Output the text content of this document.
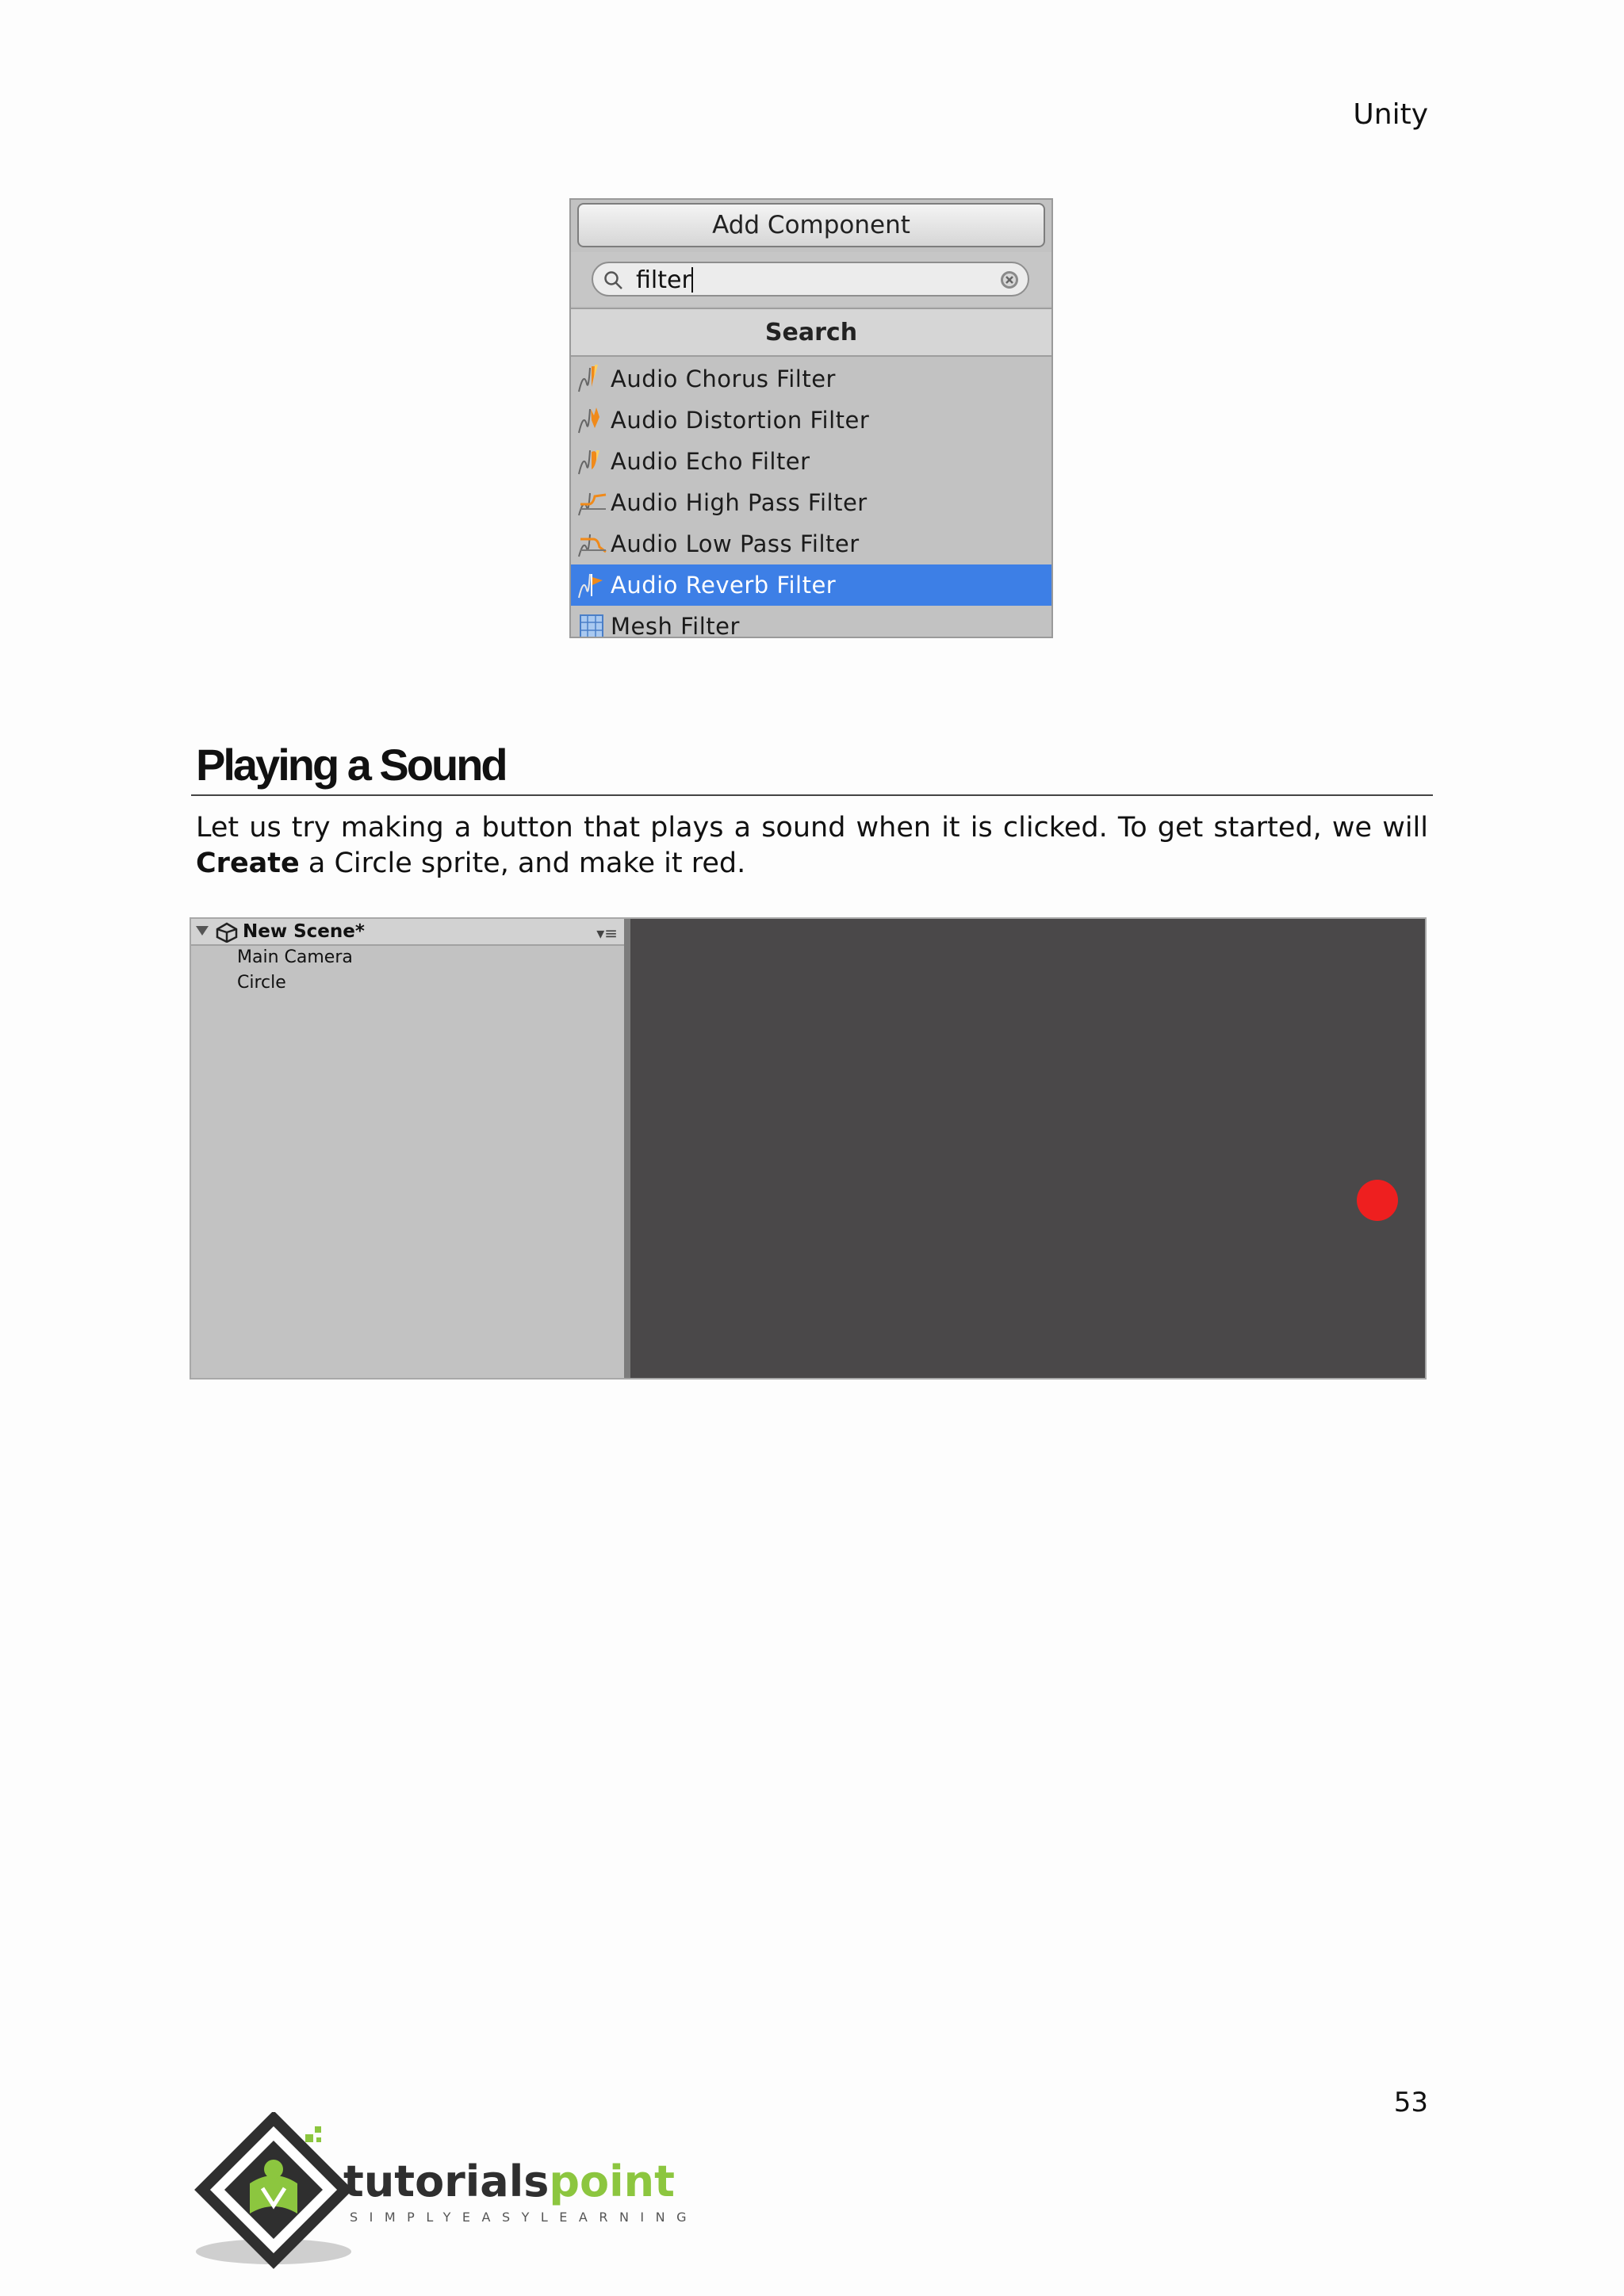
Unity
Add Component
filter
Search
Audio Chorus Filter
Audio Distortion Filter
Audio Echo Filter
Audio High Pass Filter
Audio Low Pass Filter
Audio Reverb Filter
Mesh Filter
Playing a Sound
Let us try making a button that plays a sound when it is clicked. To get started, we will Create a Circle sprite, and make it red.
New Scene*	▾≡
Main Camera
Circle
53
tutorialspoint
SIMPLYEASYLEARNING
